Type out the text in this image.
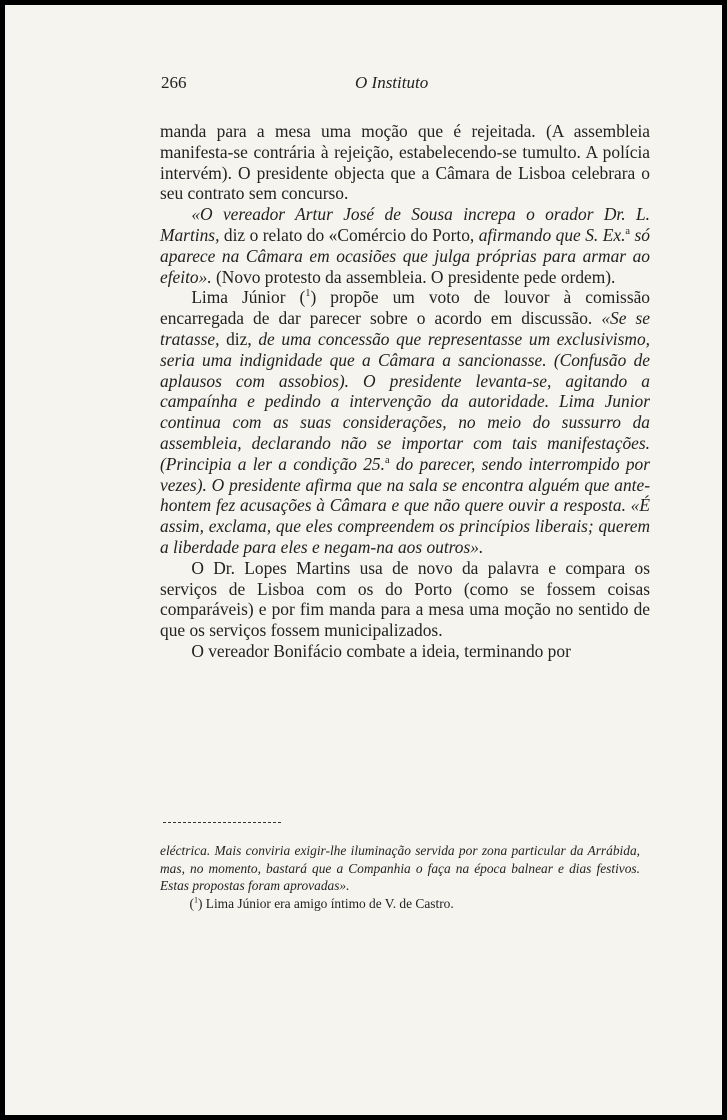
266	O Instituto

manda para a mesa uma moção que é rejeitada. (A assembleia manifesta-se contrária à rejeição, estabelecendo-se tumulto. A polícia intervém). O presidente objecta que a Câmara de Lisboa celebrara o seu contrato sem concurso.

«O vereador Artur José de Sousa increpa o orador Dr. L. Martins, diz o relato do «Comércio do Porto, afirmando que S. Ex.$^a$ só aparece na Câmara em ocasiões que julga próprias para armar ao efeito». (Novo protesto da assembleia. O presidente pede ordem).

Lima Júnior ($^1$) propõe um voto de louvor à comissão encarregada de dar parecer sobre o acordo em discussão. «Se se tratasse, diz, de uma concessão que representasse um exclusivismo, seria uma indignidade que a Câmara a sancionasse. (Confusão de aplausos com assobios). O presidente levanta-se, agitando a campaínha e pedindo a intervenção da autoridade. Lima Junior continua com as suas considerações, no meio do sussurro da assembleia, declarando não se importar com tais manifestações. (Principia a ler a condição 25.$^a$ do parecer, sendo interrompido por vezes). O presidente afirma que na sala se encontra alguém que ante-hontem fez acusações à Câmara e que não quere ouvir a resposta. «É assim, exclama, que eles compreendem os princípios liberais; querem a liberdade para eles e negam-na aos outros».

O Dr. Lopes Martins usa de novo da palavra e compara os serviços de Lisboa com os do Porto (como se fossem coisas comparáveis) e por fim manda para a mesa uma moção no sentido de que os serviços fossem municipalizados.

O vereador Bonifácio combate a ideia, terminando por

eléctrica. Mais conviria exigir-lhe iluminação servida por zona particular da Arrábida, mas, no momento, bastará que a Companhia o faça na época balnear e dias festivos. Estas propostas foram aprovadas».

($^1$) Lima Júnior era amigo íntimo de V. de Castro.
